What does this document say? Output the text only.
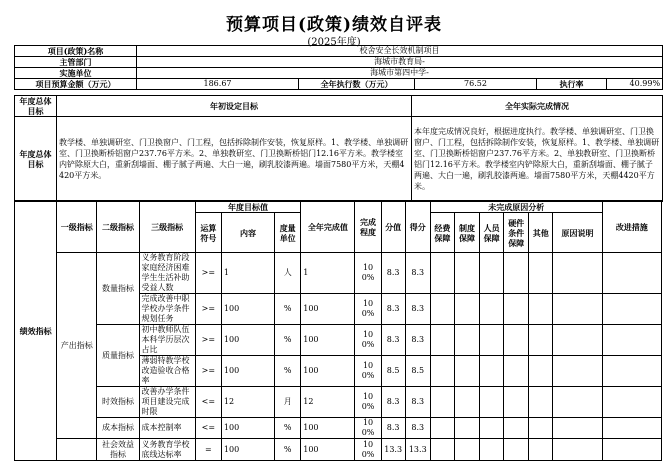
预算项目(政策)绩效自评表
(2025年度)
项目(政策)名称	校舍安全长效机制项目				
主管部门	海城市教育局-				
实施单位	海城市第四中学-				
项目预算金额（万元）	186.67	全年执行数（万元）	76.52	执行率	40.99%
年度总体目标	年初设定目标	全年实际完成情况
年度总体目标	教学楼、单独调研室、门卫换窗户、门工程，包括拆除制作安装，恢复原样。1、教学楼、单独调研室、门卫换断桥铝窗户237.76平方米。2、单独教研室、门卫换断桥铝门12.16平方米。教学楼室内铲除原大白，重新刮墙面、棚子腻子两遍、大白一遍，刷乳胶漆两遍。墙面7580平方米，天棚4420平方米。	本年度完成情况良好，根据进度执行。教学楼、单独调研室、门卫换窗户、门工程，包括拆除制作安装，恢复原样。1、教学楼、单独调研室、门卫换断桥铝窗户237.76平方米。2、单独教研室、门卫换断桥铝门12.16平方米。教学楼室内铲除原大白，重新刮墙面、棚子腻子两遍、大白一遍，刷乳胶漆两遍。墙面7580平方米，天棚4420平方米。
绩效指标	一级指标	二级指标	三级指标	年度目标值			全年完成值	完成程度	分值	得分	未完成原因分析						改进措施
				运算符号	内容	度量单位					经费保障	制度保障	人员保障	硬件条件保障	其他	原因说明	
	产出指标	数量指标	义务教育阶段家庭经济困难学生生活补助受益人数	>=	1	人	1	100%	8.3	8.3							
			完成改善中职学校办学条件规划任务	>=	100	%	100	100%	8.3	8.3							
		质量指标	初中教师队伍本科学历层次占比	>=	100	%	100	100%	8.3	8.3							
			薄弱特教学校改造验收合格率	>=	100	%	100	100%	8.5	8.5							
		时效指标	改善办学条件项目建设完成时限	<=	12	月	12	100%	8.3	8.3							
		成本指标	成本控制率	<=	100	%	100	100%	8.3	8.3							
		社会效益指标	义务教育学校底线达标率	=	100	%	100	100%	13.3	13.3							
